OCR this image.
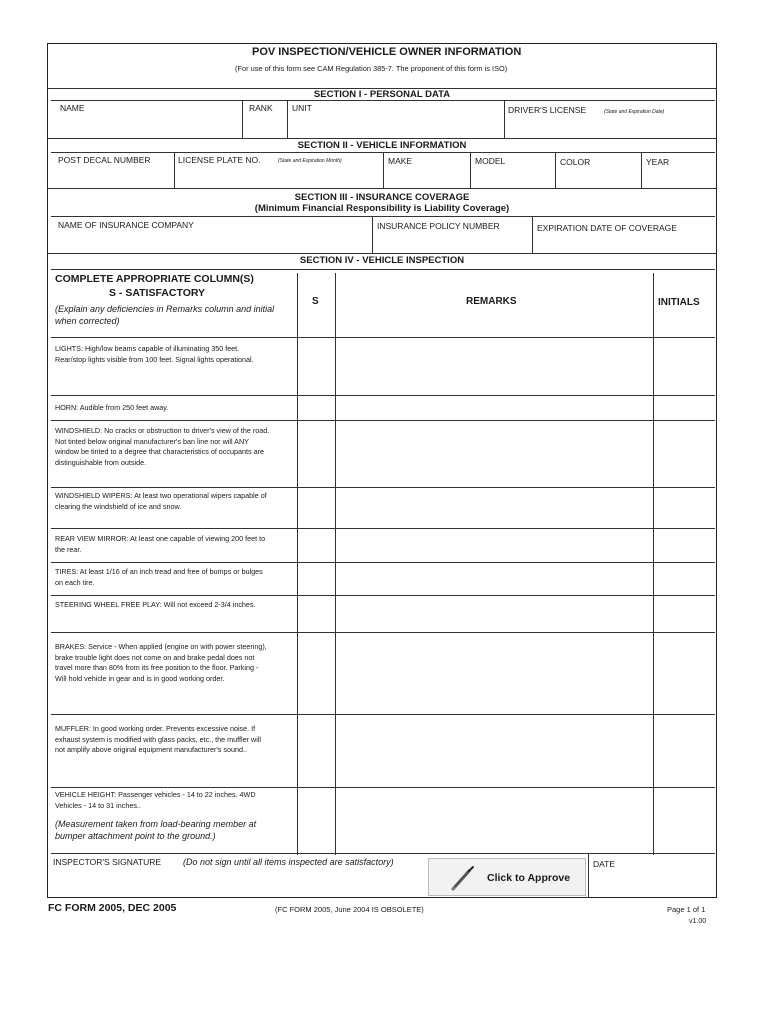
POV INSPECTION/VEHICLE OWNER INFORMATION
(For use of this form see CAM Regulation 385-7. The proponent of this form is ISO)
SECTION I - PERSONAL DATA
NAME	RANK UNIT	DRIVER'S LICENSE	(State and Expiration Date)
SECTION II - VEHICLE INFORMATION
POST DECAL NUMBER	LICENSE PLATE NO.	(State and Expiration Month)	MAKE	MODEL	COLOR	YEAR
SECTION III - INSURANCE COVERAGE
(Minimum Financial Responsibility is Liability Coverage)
NAME OF INSURANCE COMPANY	INSURANCE POLICY NUMBER	EXPIRATION DATE OF COVERAGE
SECTION IV - VEHICLE INSPECTION
COMPLETE APPROPRIATE COLUMN(S)
S - SATISFACTORY
(Explain any deficiencies in Remarks column and initial when corrected)
S	REMARKS	INITIALS
LIGHTS: High/low beams capable of illuminating 350 feet. Rear/stop lights visible from 100 feet. Signal lights operational.
HORN: Audible from 250 feet away.
WINDSHIELD: No cracks or obstruction to driver's view of the road. Not tinted below original manufacturer's ban line nor will ANY window be tinted to a degree that characteristics of occupants are distinguishable from outside.
WINDSHIELD WIPERS: At least two operational wipers capable of clearing the windshield of ice and snow.
REAR VIEW MIRROR: At least one capable of viewing 200 feet to the rear.
TIRES: At least 1/16 of an inch tread and free of bumps or bulges on each tire.
STEERING WHEEL FREE PLAY: Will not exceed 2-3/4 inches.
BRAKES: Service - When applied (engine on with power steering), brake trouble light does not come on and brake pedal does not travel more than 80% from its free position to the floor. Parking - Will hold vehicle in gear and is in good working order.
MUFFLER: In good working order. Prevents excessive noise. If exhaust system is modified with glass packs, etc., the muffler will not amplify above original equipment manufacturer's sound..
VEHICLE HEIGHT: Passenger vehicles - 14 to 22 inches. 4WD Vehicles - 14 to 31 inches..
(Measurement taken from load-bearing member at bumper attachment point to the ground.)
INSPECTOR'S SIGNATURE (Do not sign until all items inspected are satisfactory)	DATE
Click to Approve
FC FORM 2005, DEC 2005	(FC FORM 2005, June 2004 IS OBSOLETE)	Page 1 of 1
v1.00
